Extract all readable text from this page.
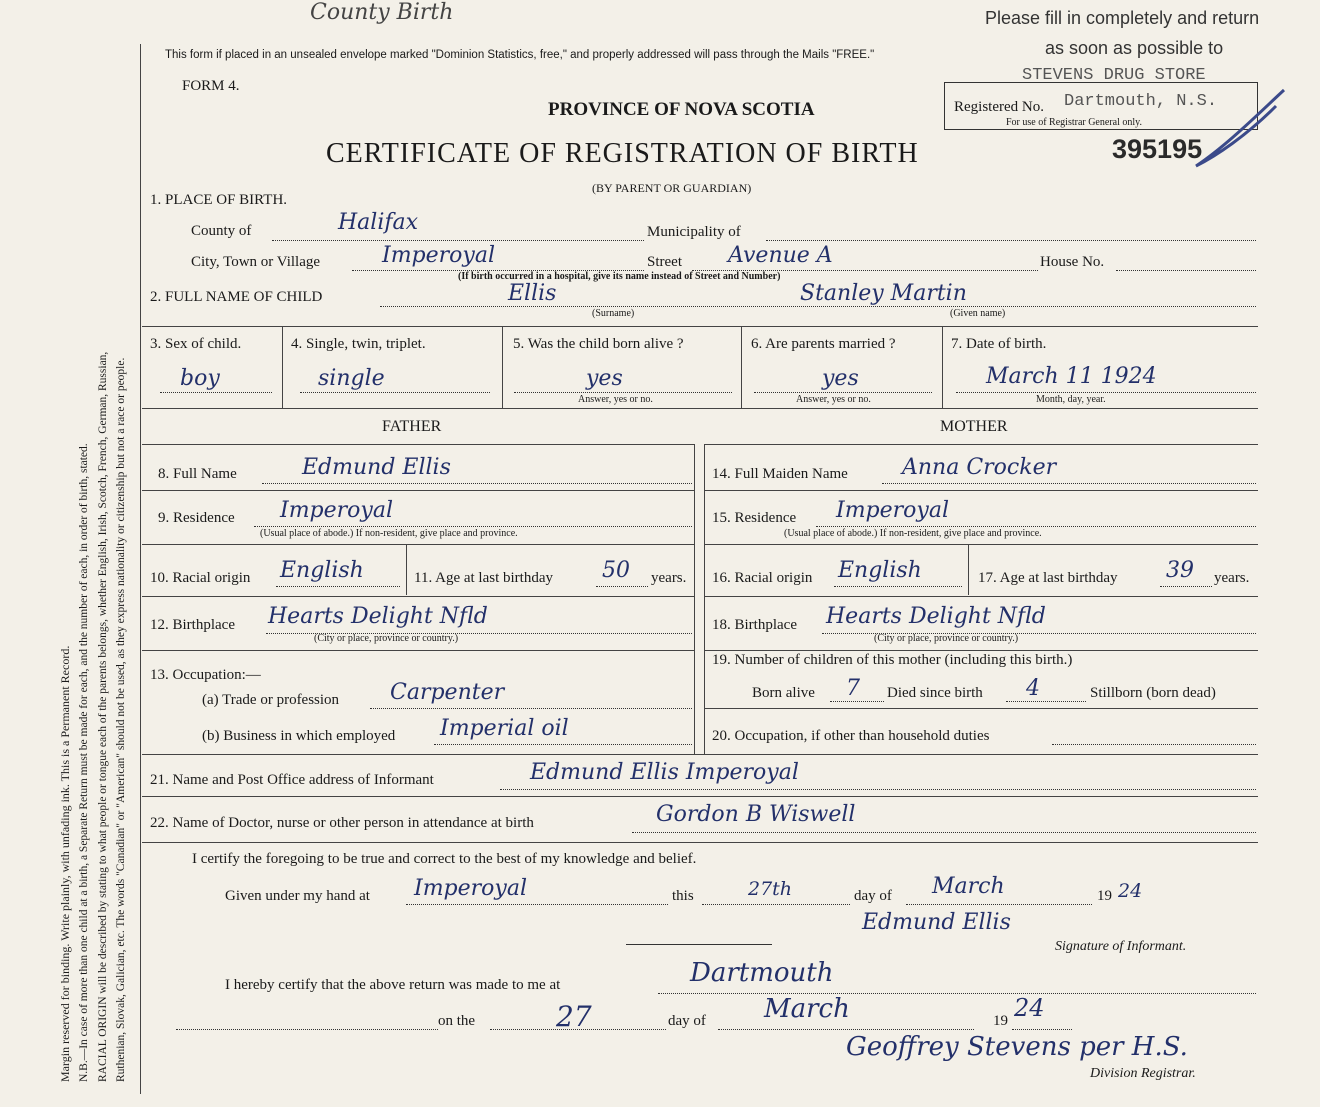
Margin reserved for binding. Write plainly, with unfading ink. This is a Permanent Record. N.B.—In case of more than one child at a birth, a Separate Return must be made for each, and the number of each, in order of birth, stated. RACIAL ORIGIN will be described by stating to what people or tongue each of the parents belongs, whether English, Irish, Scotch, French, German, Russian, Ruthenian, Slovak, Galician, etc. The words "Canadian" or "American" should not be used, as they express nationality or citizenship but not a race or people.
County Birth	Please fill in completely and return
as soon as possible to
STEVENS DRUG STORE
Dartmouth, N.S.
This form if placed in an unsealed envelope marked "Dominion Statistics, free," and properly addressed will pass through the Mails "FREE."
FORM 4.
PROVINCE OF NOVA SCOTIA
CERTIFICATE OF REGISTRATION OF BIRTH
(BY PARENT OR GUARDIAN)
Registered No.
For use of Registrar General only.
395195
1. PLACE OF BIRTH.
County of	Halifax	Municipality of
City, Town or Village	Imperoyal	Street Avenue A	House No.
(If birth occurred in a hospital, give its name instead of Street and Number)
2. FULL NAME OF CHILD	Ellis
(Surname)
Stanley Martin
(Given name)
3. Sex of child.
boy
4. Single, twin, triplet.
single
5. Was the child born alive ?
yes
Answer, yes or no.
6. Are parents married ?
yes
Answer, yes or no.
7. Date of birth.
March 11 1924
Month, day, year.
FATHER	MOTHER
8. Full Name	Edmund Ellis	14. Full Maiden Name Anna Crocker
9. Residence Imperoyal
(Usual place of abode.) If non-resident, give place and province.
15. Residence Imperoyal
(Usual place of abode.) If non-resident, give place and province.
10. Racial origin English	11. Age at last birthday 50 years. 16. Racial origin English	17. Age at last birthday 39 years.
12. Birthplace Hearts Delight Nfld
(City or place, province or country.)
18. Birthplace Hearts Delight Nfld
(City or place, province or country.)
13. Occupation:—
(a) Trade or profession Carpenter
(b) Business in which employed Imperial oil
19. Number of children of this mother (including this birth.)
Born alive 7 Died since birth 4	Stillborn (born dead)
20. Occupation, if other than household duties
21. Name and Post Office address of Informant	Edmund Ellis Imperoyal
22. Name of Doctor, nurse or other person in attendance at birth	Gordon B Wiswell
I certify the foregoing to be true and correct to the best of my knowledge and belief.
Given under my hand at Imperoyal	this	27th	day of March	19 24
Edmund Ellis
Signature of Informant.
I hereby certify that the above return was made to me at	Dartmouth
on the	27	day of March	19 24
Geoffrey Stevens per H.S.
Division Registrar.
